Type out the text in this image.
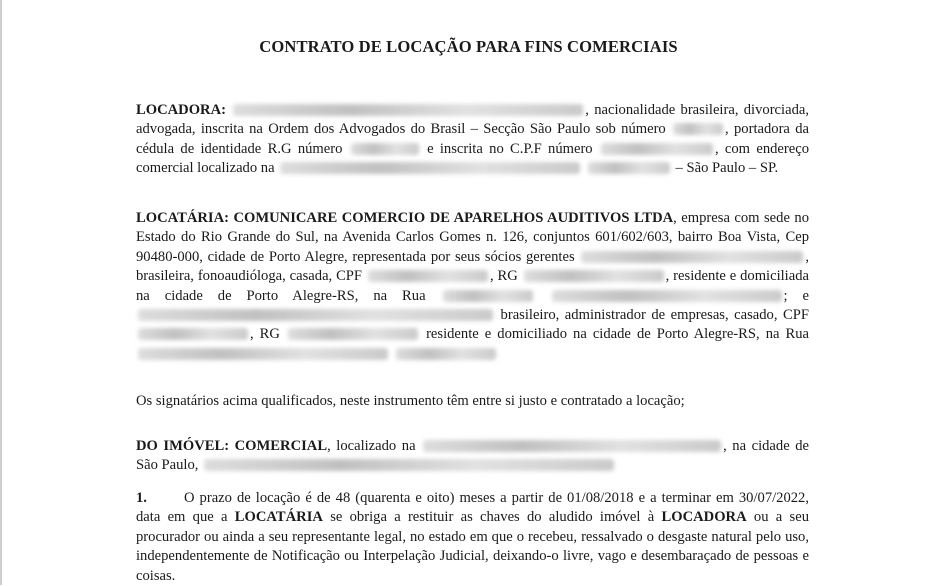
CONTRATO DE LOCAÇÃO PARA FINS COMERCIAIS
LOCADORA:	, nacionalidade brasileira, divorciada, advogada, inscrita na Ordem dos Advogados do Brasil – Secção São Paulo sob número	, portadora da cédula de identidade R.G número	e inscrita no C.P.F número	, com endereço comercial localizado na	– São Paulo – SP.
LOCATÁRIA: COMUNICARE COMERCIO DE APARELHOS AUDITIVOS LTDA, empresa com sede no Estado do Rio Grande do Sul, na Avenida Carlos Gomes n. 126, conjuntos 601/602/603, bairro Boa Vista, Cep 90480-000, cidade de Porto Alegre, representada por seus sócios gerentes	, brasileira, fonoaudióloga, casada, CPF	, RG	, residente e domiciliada na cidade de Porto Alegre-RS, na Rua	; e  brasileiro, administrador de empresas, casado, CPF , RG	residente e domiciliado na cidade de Porto Alegre-RS, na Rua
Os signatários acima qualificados, neste instrumento têm entre si justo e contratado a locação;
DO IMÓVEL: COMERCIAL, localizado na	, na cidade de São Paulo,
1.	O prazo de locação é de 48 (quarenta e oito) meses a partir de 01/08/2018 e a terminar em 30/07/2022, data em que a LOCATÁRIA se obriga a restituir as chaves do aludido imóvel à LOCADORA ou a seu procurador ou ainda a seu representante legal, no estado em que o recebeu, ressalvado o desgaste natural pelo uso, independentemente de Notificação ou Interpelação Judicial, deixando-o livre, vago e desembaraçado de pessoas e coisas.
